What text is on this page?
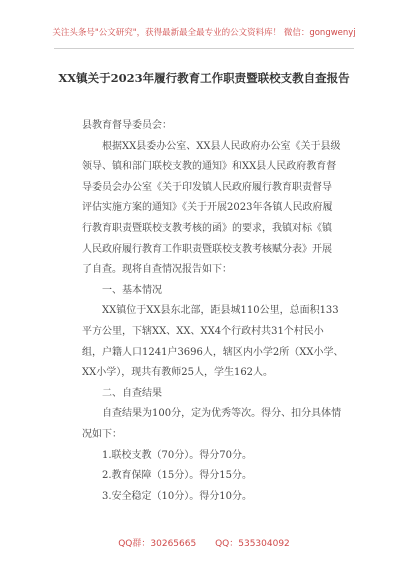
关注头条号"公文研究"，获得最新最全最专业的公文资料库！ 微信：gongwenyj
XX镇关于2023年履行教育工作职责暨联校支教自查报告
县教育督导委员会：
根据XX县委办公室、XX县人民政府办公室《关于县级
领导、镇和部门联校支教的通知》和XX县人民政府教育督
导委员会办公室《关于印发镇人民政府履行教育职责督导
评估实施方案的通知》《关于开展2023年各镇人民政府履
行教育职责暨联校支教考核的函》的要求，我镇对标《镇
人民政府履行教育工作职责暨联校支教考核赋分表》开展
了自查。现将自查情况报告如下：
一、基本情况
XX镇位于XX县东北部，距县城110公里，总面积133
平方公里，下辖XX、XX、XX4个行政村共31个村民小
组，户籍人口1241户3696人，辖区内小学2所（XX小学、
XX小学），现共有教师25人，学生162人。
二、自查结果
自查结果为100分，定为优秀等次。得分、扣分具体情
况如下：
1.联校支教（70分）。得分70分。
2.教育保障（15分）。得分15分。
3.安全稳定（10分）。得分10分。
QQ群：30265665 QQ：535304092
